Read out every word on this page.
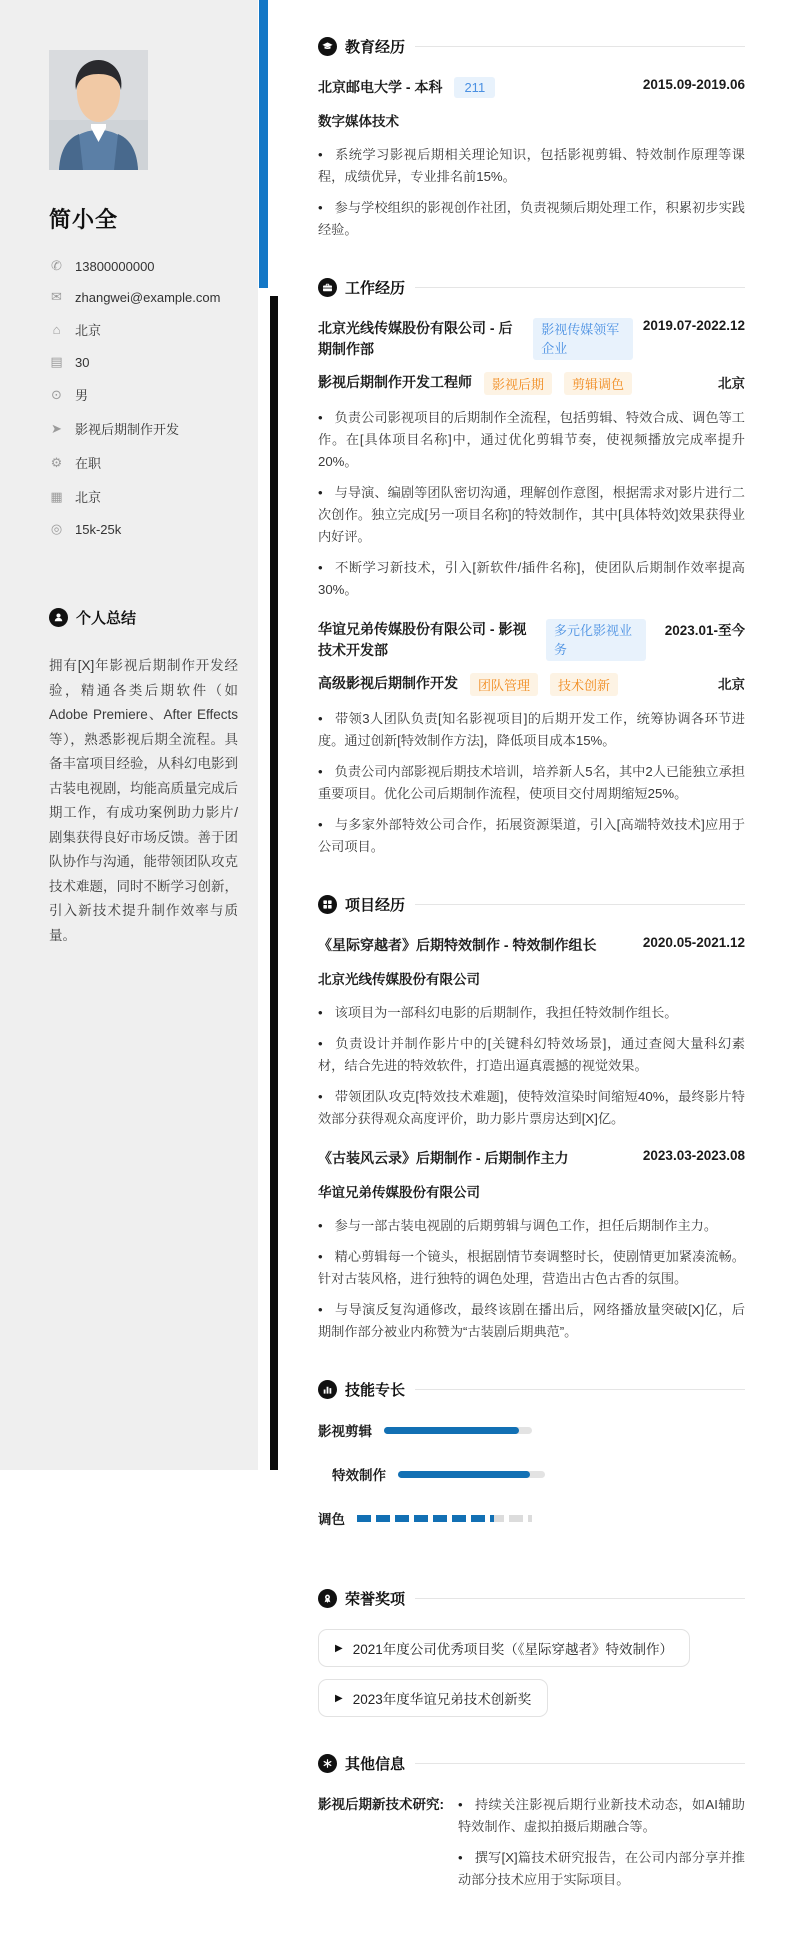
简小全
✆ 13800000000
✉ zhangwei@example.com
⌂ 北京
▤ 30
⊙ 男
➤ 影视后期制作开发
⚙ 在职
▦ 北京
◎ 15k-25k
个人总结

拥有[X]年影视后期制作开发经验，精通各类后期软件（如Adobe Premiere、After Effects等），熟悉影视后期全流程。具备丰富项目经验，从科幻电影到古装电视剧，均能高质量完成后期工作，有成功案例助力影片/剧集获得良好市场反馈。善于团队协作与沟通，能带领团队攻克技术难题，同时不断学习创新，引入新技术提升制作效率与质量。

教育经历
北京邮电大学 - 本科	211	2015.09-2019.06
数字媒体技术

• 系统学习影视后期相关理论知识，包括影视剪辑、特效制作原理等课程，成绩优异，专业排名前15%。

• 参与学校组织的影视创作社团，负责视频后期处理工作，积累初步实践经验。

工作经历
北京光线传媒股份有限公司 - 后期制作部
影视传媒领军企业
2019.07-2022.12
影视后期制作开发工程师	影视后期	剪辑调色	北京

• 负责公司影视项目的后期制作全流程，包括剪辑、特效合成、调色等工作。在[具体项目名称]中，通过优化剪辑节奏，使视频播放完成率提升20%。

• 与导演、编剧等团队密切沟通，理解创作意图，根据需求对影片进行二次创作。独立完成[另一项目名称]的特效制作，其中[具体特效]效果获得业内好评。

• 不断学习新技术，引入[新软件/插件名称]，使团队后期制作效率提高30%。

华谊兄弟传媒股份有限公司 - 影视技术开发部
多元化影视业务
2023.01-至今
高级影视后期制作开发	团队管理	技术创新	北京

• 带领3人团队负责[知名影视项目]的后期开发工作，统筹协调各环节进度。通过创新[特效制作方法]，降低项目成本15%。

• 负责公司内部影视后期技术培训，培养新人5名，其中2人已能独立承担重要项目。优化公司后期制作流程，使项目交付周期缩短25%。

• 与多家外部特效公司合作，拓展资源渠道，引入[高端特效技术]应用于公司项目。

项目经历
《星际穿越者》后期特效制作 - 特效制作组长	2020.05-2021.12
北京光线传媒股份有限公司

• 该项目为一部科幻电影的后期制作，我担任特效制作组长。

• 负责设计并制作影片中的[关键科幻特效场景]，通过查阅大量科幻素材，结合先进的特效软件，打造出逼真震撼的视觉效果。

• 带领团队攻克[特效技术难题]，使特效渲染时间缩短40%，最终影片特效部分获得观众高度评价，助力影片票房达到[X]亿。

《古装风云录》后期制作 - 后期制作主力	2023.03-2023.08
华谊兄弟传媒股份有限公司

• 参与一部古装电视剧的后期剪辑与调色工作，担任后期制作主力。

• 精心剪辑每一个镜头，根据剧情节奏调整时长，使剧情更加紧凑流畅。针对古装风格，进行独特的调色处理，营造出古色古香的氛围。

• 与导演反复沟通修改，最终该剧在播出后，网络播放量突破[X]亿，后期制作部分被业内称赞为“古装剧后期典范”。

技能专长
影视剪辑
特效制作
调色
荣誉奖项
▶ 2021年度公司优秀项目奖（《星际穿越者》特效制作）
▶ 2023年度华谊兄弟技术创新奖
其他信息
影视后期新技术研究: • 持续关注影视后期行业新技术动态，如AI辅助特效制作、虚拟拍摄后期融合等。

• 撰写[X]篇技术研究报告，在公司内部分享并推动部分技术应用于实际项目。
